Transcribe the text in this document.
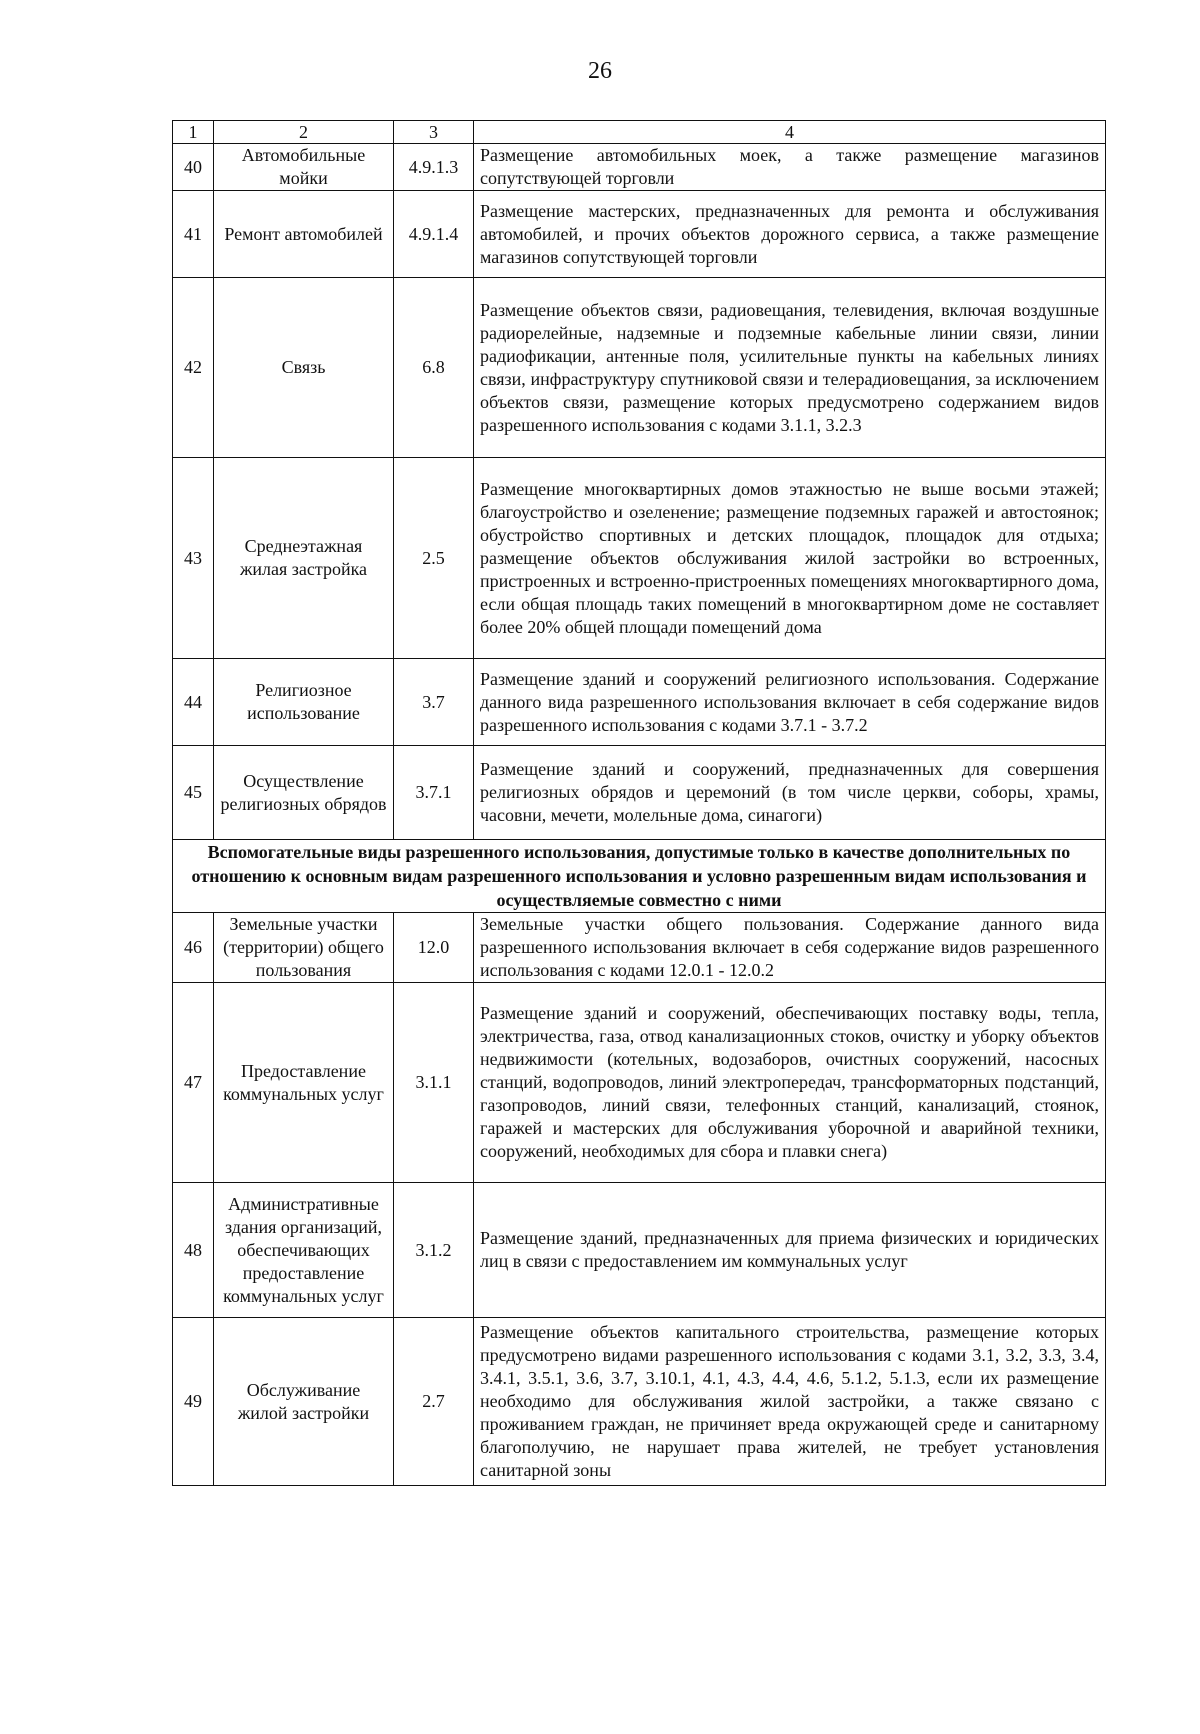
26
1	2	3	4
40	Автомобильные мойки	4.9.1.3	Размещение автомобильных моек, а также размещение магазинов сопутствующей торговли
41	Ремонт автомобилей	4.9.1.4	Размещение мастерских, предназначенных для ремонта и обслуживания автомобилей, и прочих объектов дорожного сервиса, а также размещение магазинов сопутствующей торговли
42	Связь	6.8	Размещение объектов связи, радиовещания, телевидения, включая воздушные радиорелейные, надземные и подземные кабельные линии связи, линии радиофикации, антенные поля, усилительные пункты на кабельных линиях связи, инфраструктуру спутниковой связи и телерадиовещания, за исключением объектов связи, размещение которых предусмотрено содержанием видов разрешенного использования с кодами 3.1.1, 3.2.3
43	Среднеэтажная жилая застройка	2.5	Размещение многоквартирных домов этажностью не выше восьми этажей; благоустройство и озеленение; размещение подземных гаражей и автостоянок; обустройство спортивных и детских площадок, площадок для отдыха; размещение объектов обслуживания жилой застройки во встроенных, пристроенных и встроенно-пристроенных помещениях многоквартирного дома, если общая площадь таких помещений в многоквартирном доме не составляет более 20% общей площади помещений дома
44	Религиозное использование	3.7	Размещение зданий и сооружений религиозного использования. Содержание данного вида разрешенного использования включает в себя содержание видов разрешенного использования с кодами 3.7.1 - 3.7.2
45	Осуществление религиозных обрядов	3.7.1	Размещение зданий и сооружений, предназначенных для совершения религиозных обрядов и церемоний (в том числе церкви, соборы, храмы, часовни, мечети, молельные дома, синагоги)
Вспомогательные виды разрешенного использования, допустимые только в качестве дополнительных по отношению к основным видам разрешенного использования и условно разрешенным видам использования и осуществляемые совместно с ними			
46	Земельные участки (территории) общего пользования	12.0	Земельные участки общего пользования. Содержание данного вида разрешенного использования включает в себя содержание видов разрешенного использования с кодами 12.0.1 - 12.0.2
47	Предоставление коммунальных услуг	3.1.1	Размещение зданий и сооружений, обеспечивающих поставку воды, тепла, электричества, газа, отвод канализационных стоков, очистку и уборку объектов недвижимости (котельных, водозаборов, очистных сооружений, насосных станций, водопроводов, линий электропередач, трансформаторных подстанций, газопроводов, линий связи, телефонных станций, канализаций, стоянок, гаражей и мастерских для обслуживания уборочной и аварийной техники, сооружений, необходимых для сбора и плавки снега)
48	Административные здания организаций, обеспечивающих предоставление коммунальных услуг	3.1.2	Размещение зданий, предназначенных для приема физических и юридических лиц в связи с предоставлением им коммунальных услуг
49	Обслуживание жилой застройки	2.7	Размещение объектов капитального строительства, размещение которых предусмотрено видами разрешенного использования с кодами 3.1, 3.2, 3.3, 3.4, 3.4.1, 3.5.1, 3.6, 3.7, 3.10.1, 4.1, 4.3, 4.4, 4.6, 5.1.2, 5.1.3, если их размещение необходимо для обслуживания жилой застройки, а также связано с проживанием граждан, не причиняет вреда окружающей среде и санитарному благополучию, не нарушает права жителей, не требует установления санитарной зоны
